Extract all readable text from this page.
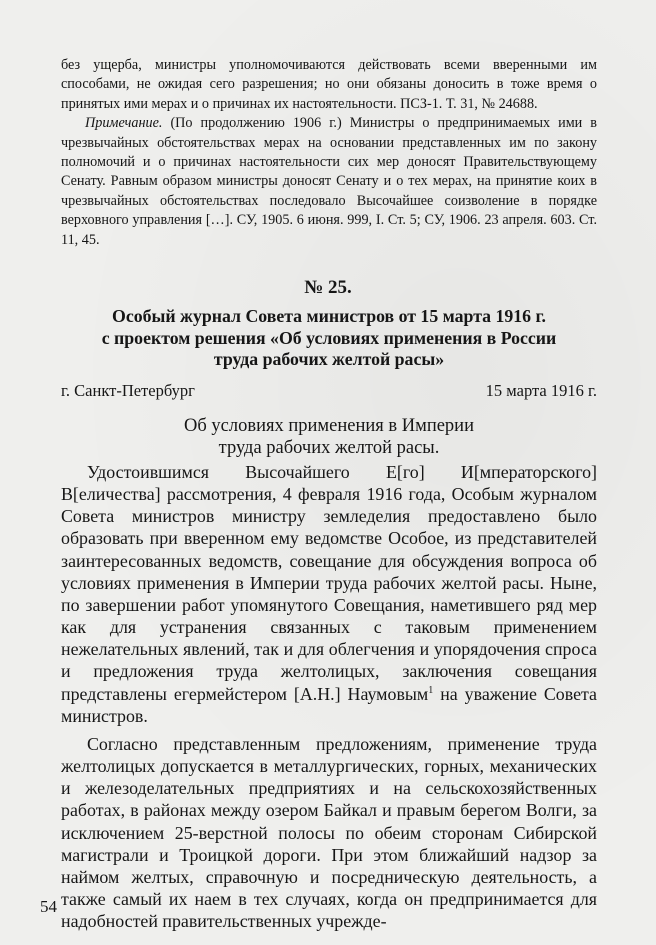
без ущерба, министры уполномочиваются действовать всеми вверенными им способами, не ожидая сего разрешения; но они обязаны доносить в тоже время о принятых ими мерах и о причинах их настоятельности. ПСЗ-1. Т. 31, № 24688.

Примечание. (По продолжению 1906 г.) Министры о предпринимаемых ими в чрезвычайных обстоятельствах мерах на основании представленных им по закону полномочий и о причинах настоятельности сих мер доносят Правительствующему Сенату. Равным образом министры доносят Сенату и о тех мерах, на принятие коих в чрезвычайных обстоятельствах последовало Высочайшее соизволение в порядке верховного управления […]. СУ, 1905. 6 июня. 999, I. Ст. 5; СУ, 1906. 23 апреля. 603. Ст. 11, 45.

№ 25.
Особый журнал Совета министров от 15 марта 1916 г.
с проектом решения «Об условиях применения в России
труда рабочих желтой расы»
г. Санкт-Петербург	15 марта 1916 г.
Об условиях применения в Империи
труда рабочих желтой расы.

Удостоившимся Высочайшего Е[го] И[мператорского] В[еличества] рассмотрения, 4 февраля 1916 года, Особым журналом Совета министров министру земледелия предоставлено было образовать при вверенном ему ведомстве Особое, из представителей заинтересованных ведомств, совещание для обсуждения вопроса об условиях применения в Империи труда рабочих желтой расы. Ныне, по завершении работ упомянутого Совещания, наметившего ряд мер как для устранения связанных с таковым применением нежелательных явлений, так и для облегчения и упорядочения спроса и предложения труда желтолицых, заключения совещания представлены егермейстером [А.Н.] Наумовым$^1$ на уважение Совета министров.

Согласно представленным предложениям, применение труда желтолицых допускается в металлургических, горных, механических и железоделательных предприятиях и на сельскохозяйственных работах, в районах между озером Байкал и правым берегом Волги, за исключением 25-верстной полосы по обеим сторонам Сибирской магистрали и Троицкой дороги. При этом ближайший надзор за наймом желтых, справочную и посредническую деятельность, а также самый их наем в тех случаях, когда он предпринимается для надобностей правительственных учрежде-

54
